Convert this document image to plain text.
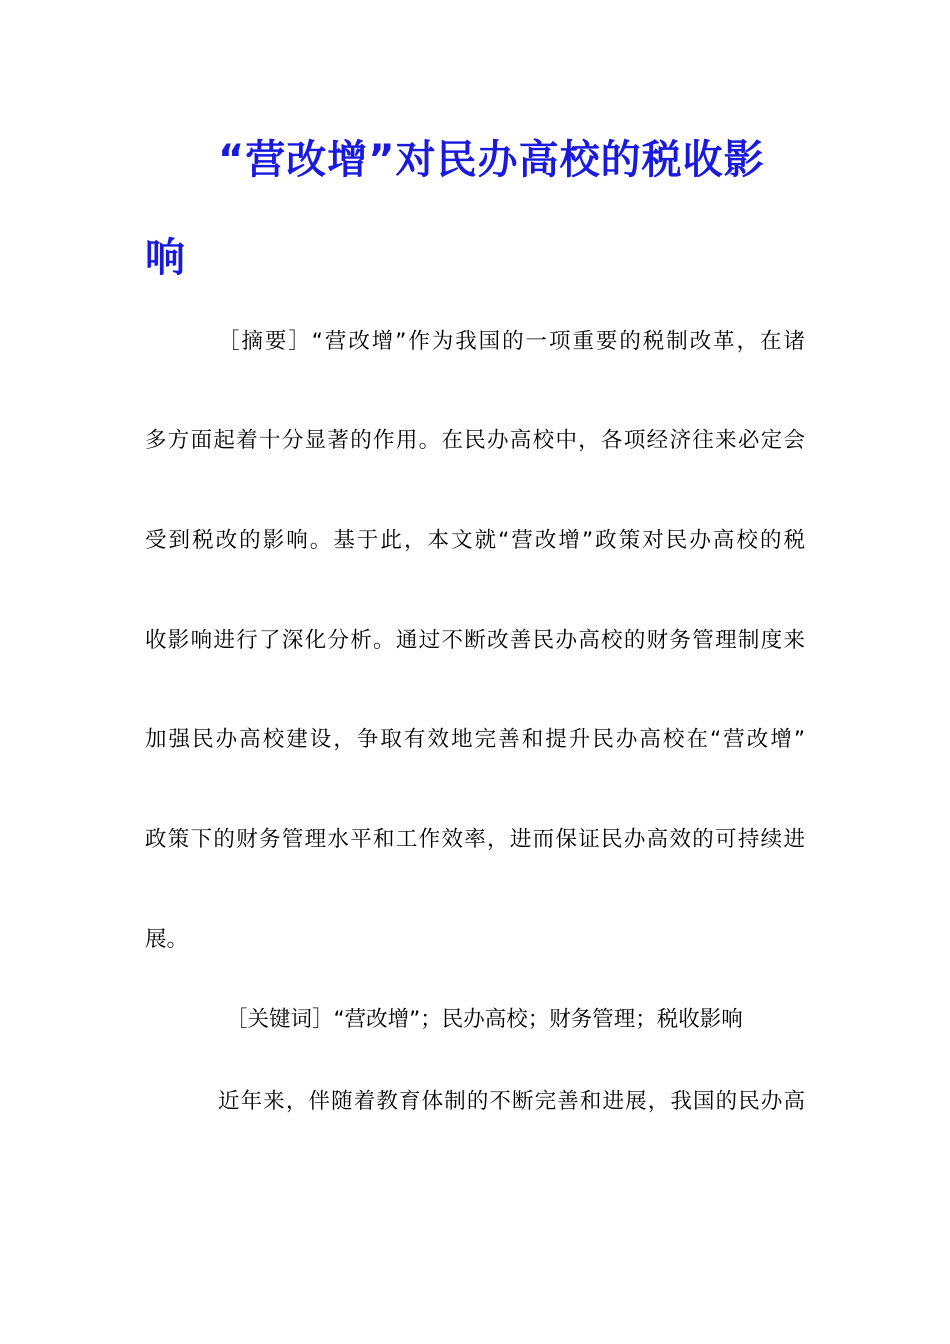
“营改增”对民办高校的税收影
响
［摘要］“营改增”作为我国的一项重要的税制改革，在诸
多方面起着十分显著的作用。在民办高校中，各项经济往来必定会
受到税改的影响。基于此，本文就“营改增”政策对民办高校的税
收影响进行了深化分析。通过不断改善民办高校的财务管理制度来
加强民办高校建设，争取有效地完善和提升民办高校在“营改增”
政策下的财务管理水平和工作效率，进而保证民办高效的可持续进
展。
［关键词］“营改增”；民办高校；财务管理；税收影响
近年来，伴随着教育体制的不断完善和进展，我国的民办高
